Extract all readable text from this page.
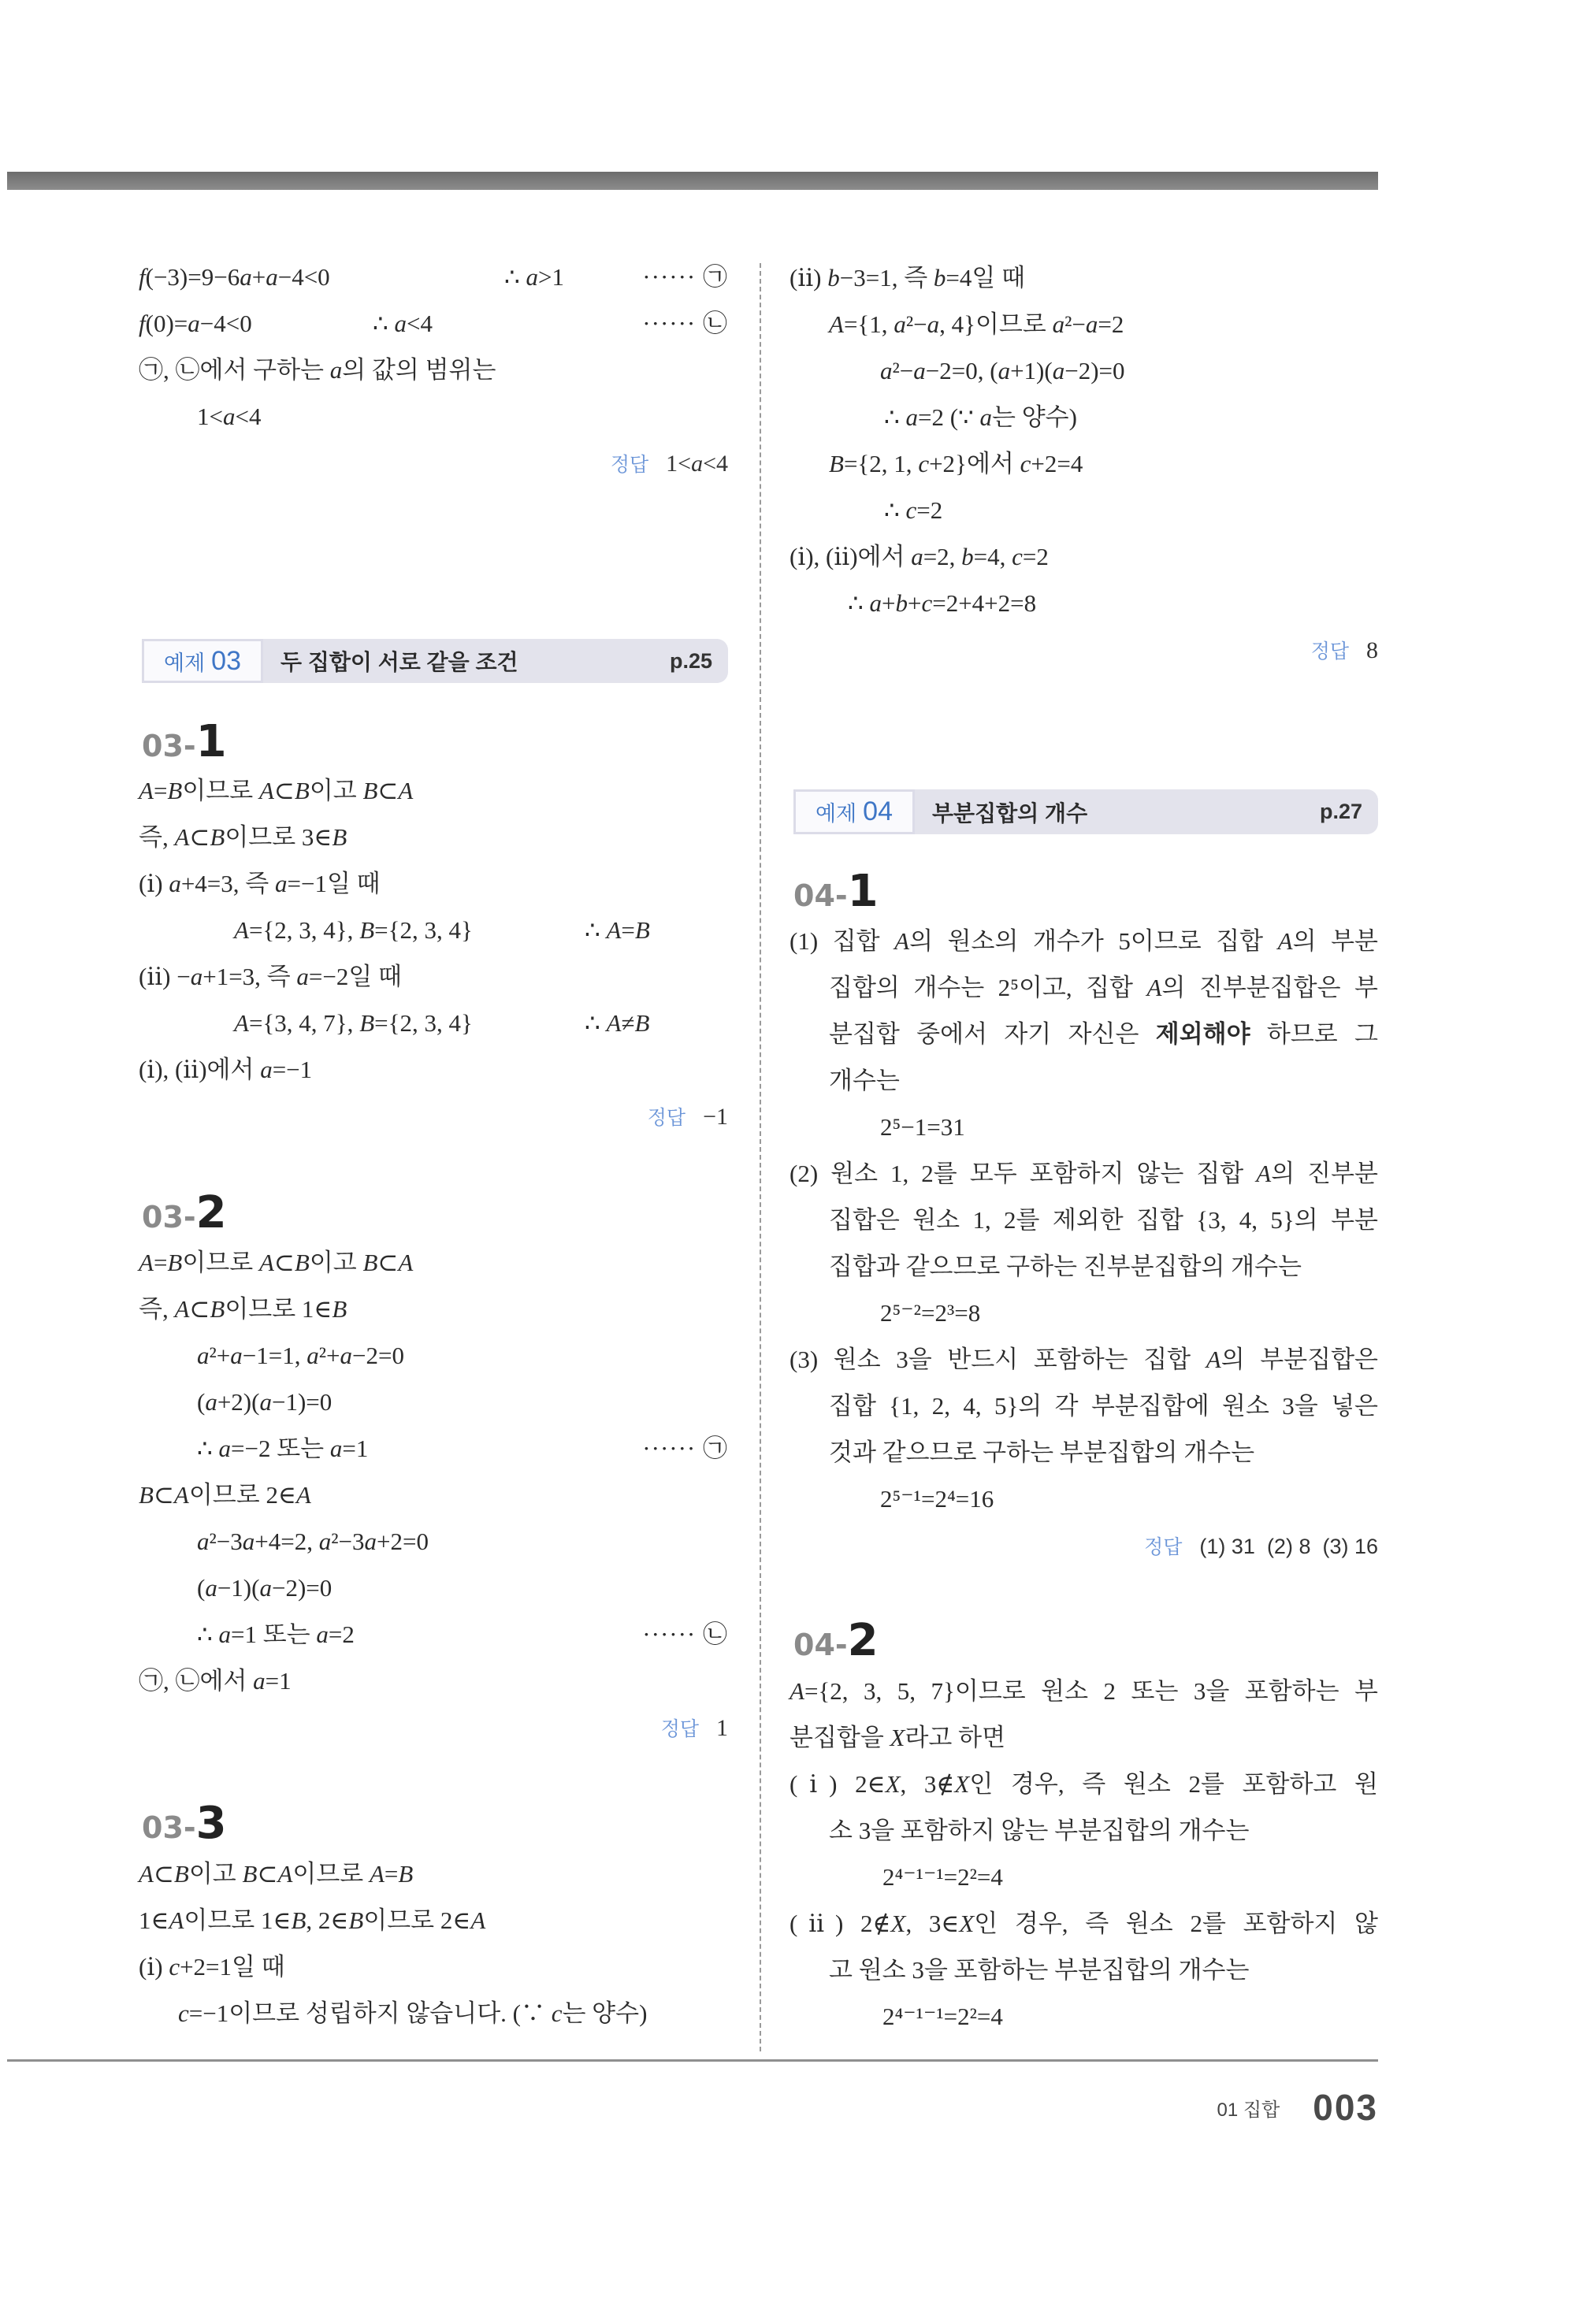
f(−3)=9−6a+a−4<0	∴ a>1	······ ㉠
f(0)=a−4<0	∴ a<4	······ ㉡
㉠, ㉡에서 구하는 a의 값의 범위는
1<a<4
정답 1<a<4
예제 03 두 집합이 서로 같을 조건	p.25
03-1
A=B이므로 A⊂B이고 B⊂A
즉, A⊂B이므로 3∈B
(ⅰ) a+4=3, 즉 a=−1일 때
A={2, 3, 4}, B={2, 3, 4}	∴ A=B
(ⅱ) −a+1=3, 즉 a=−2일 때
A={3, 4, 7}, B={2, 3, 4}	∴ A≠B
(ⅰ), (ⅱ)에서 a=−1
정답 −1
03-2
A=B이므로 A⊂B이고 B⊂A
즉, A⊂B이므로 1∈B
a²+a−1=1, a²+a−2=0
(a+2)(a−1)=0
∴ a=−2 또는 a=1	······ ㉠
B⊂A이므로 2∈A
a²−3a+4=2, a²−3a+2=0
(a−1)(a−2)=0
∴ a=1 또는 a=2	······ ㉡
㉠, ㉡에서 a=1
정답 1
03-3
A⊂B이고 B⊂A이므로 A=B
1∈A이므로 1∈B, 2∈B이므로 2∈A
(ⅰ) c+2=1일 때
c=−1이므로 성립하지 않습니다. (∵ c는 양수)
(ⅱ) b−3=1, 즉 b=4일 때
A={1, a²−a, 4}이므로 a²−a=2
a²−a−2=0, (a+1)(a−2)=0
∴ a=2 (∵ a는 양수)
B={2, 1, c+2}에서 c+2=4
∴ c=2
(ⅰ), (ⅱ)에서 a=2, b=4, c=2
∴ a+b+c=2+4+2=8
정답 8
예제 04 부분집합의 개수	p.27
04-1
(1) 집합 A의 원소의 개수가 5이므로 집합 A의 부분
집합의 개수는 2⁵이고, 집합 A의 진부분집합은 부
분집합 중에서 자기 자신은 제외해야 하므로 그
개수는
2⁵−1=31
(2) 원소 1, 2를 모두 포함하지 않는 집합 A의 진부분
집합은 원소 1, 2를 제외한 집합 {3, 4, 5}의 부분
집합과 같으므로 구하는 진부분집합의 개수는
2⁵⁻²=2³=8
(3) 원소 3을 반드시 포함하는 집합 A의 부분집합은
집합 {1, 2, 4, 5}의 각 부분집합에 원소 3을 넣은
것과 같으므로 구하는 부분집합의 개수는
2⁵⁻¹=2⁴=16
정답 (1) 31  (2) 8  (3) 16
04-2
A={2, 3, 5, 7}이므로 원소 2 또는 3을 포함하는 부
분집합을 X라고 하면
(ⅰ) 2∈X, 3∉X인 경우, 즉 원소 2를 포함하고 원
소 3을 포함하지 않는 부분집합의 개수는
2⁴⁻¹⁻¹=2²=4
(ⅱ) 2∉X, 3∈X인 경우, 즉 원소 2를 포함하지 않
고 원소 3을 포함하는 부분집합의 개수는
2⁴⁻¹⁻¹=2²=4
01 집합 003
